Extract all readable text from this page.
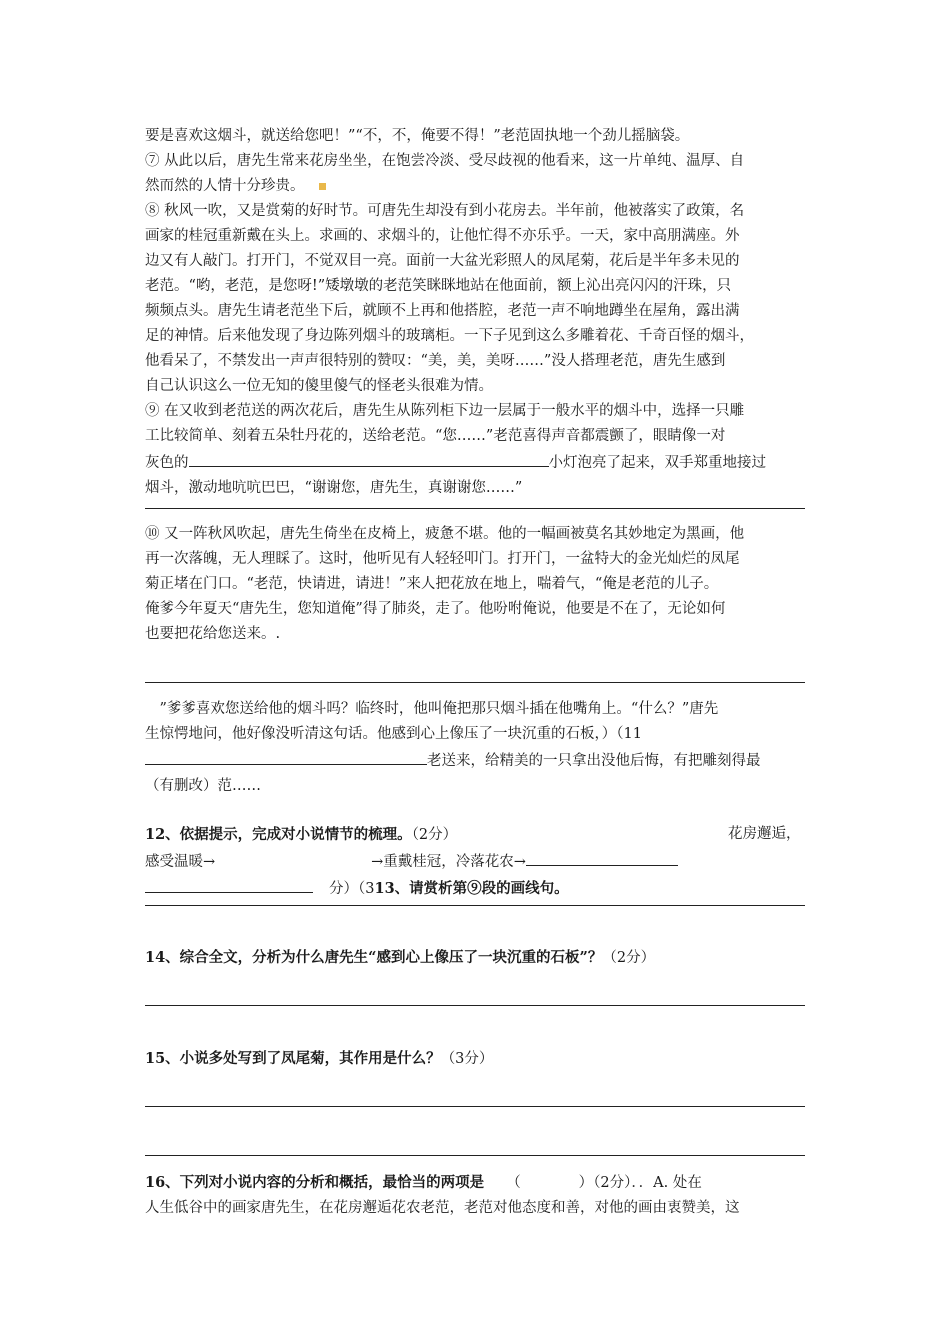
要是喜欢这烟斗，就送给您吧！”“不，不，俺要不得！”老范固执地一个劲儿摇脑袋。

⑦ 从此以后，唐先生常来花房坐坐，在饱尝冷淡、受尽歧视的他看来，这一片单纯、温厚、自
然而然的人情十分珍贵。

⑧ 秋风一吹，又是赏菊的好时节。可唐先生却没有到小花房去。半年前，他被落实了政策，名
画家的桂冠重新戴在头上。求画的、求烟斗的，让他忙得不亦乐乎。一天，家中高朋满座。外
边又有人敲门。打开门，不觉双目一亮。面前一大盆光彩照人的凤尾菊，花后是半年多未见的
老范。“哟，老范，是您呀!”矮墩墩的老范笑眯眯地站在他面前，额上沁出亮闪闪的汗珠，只
频频点头。唐先生请老范坐下后，就顾不上再和他搭腔，老范一声不响地蹲坐在屋角，露出满
足的神情。后来他发现了身边陈列烟斗的玻璃柜。一下子见到这么多雕着花、千奇百怪的烟斗，
他看呆了，不禁发出一声声很特别的赞叹：“美，美，美呀……”没人搭理老范，唐先生感到
自己认识这么一位无知的傻里傻气的怪老头很难为情。

⑨ 在又收到老范送的两次花后，唐先生从陈列柜下边一层属于一般水平的烟斗中，选择一只雕
工比较简单、刻着五朵牡丹花的，送给老范。“您……”老范喜得声音都震颤了，眼睛像一对
灰色的	小灯泡亮了起来，双手郑重地接过
烟斗，激动地吭吭巴巴，“谢谢您，唐先生，真谢谢您……”

⑩ 又一阵秋风吹起，唐先生倚坐在皮椅上，疲惫不堪。他的一幅画被莫名其妙地定为黑画，他
再一次落魄，无人理睬了。这时，他听见有人轻轻叩门。打开门，一盆特大的金光灿烂的凤尾
菊正堵在门口。“老范，快请进，请进！”来人把花放在地上，喘着气，“俺是老范的儿子。
俺爹今年夏天“唐先生，您知道俺”得了肺炎，走了。他吩咐俺说，他要是不在了，无论如何
也要把花给您送来。.

　”爹爹喜欢您送给他的烟斗吗？临终时，他叫俺把那只烟斗插在他嘴角上。“什么？”唐先
生惊愕地问，他好像没听清这句话。他感到心上像压了一块沉重的石板，）（11
老送来，给精美的一只拿出没他后悔，有把雕刻得最
（有删改）范……

12、依据提示，完成对小说情节的梳理。（2分）	花房邂逅，
感受温暖→	→重戴桂冠，冷落花农→
分）（313、请赏析第⑨段的画线句。

14、综合全文，分析为什么唐先生“感到心上像压了一块沉重的石板”？（2分）

15、小说多处写到了凤尾菊，其作用是什么？（3分）

16、下列对小说内容的分析和概括，最恰当的两项是 （　　　　）（2分）．．A. 处在
人生低谷中的画家唐先生，在花房邂逅花农老范，老范对他态度和善，对他的画由衷赞美，这
